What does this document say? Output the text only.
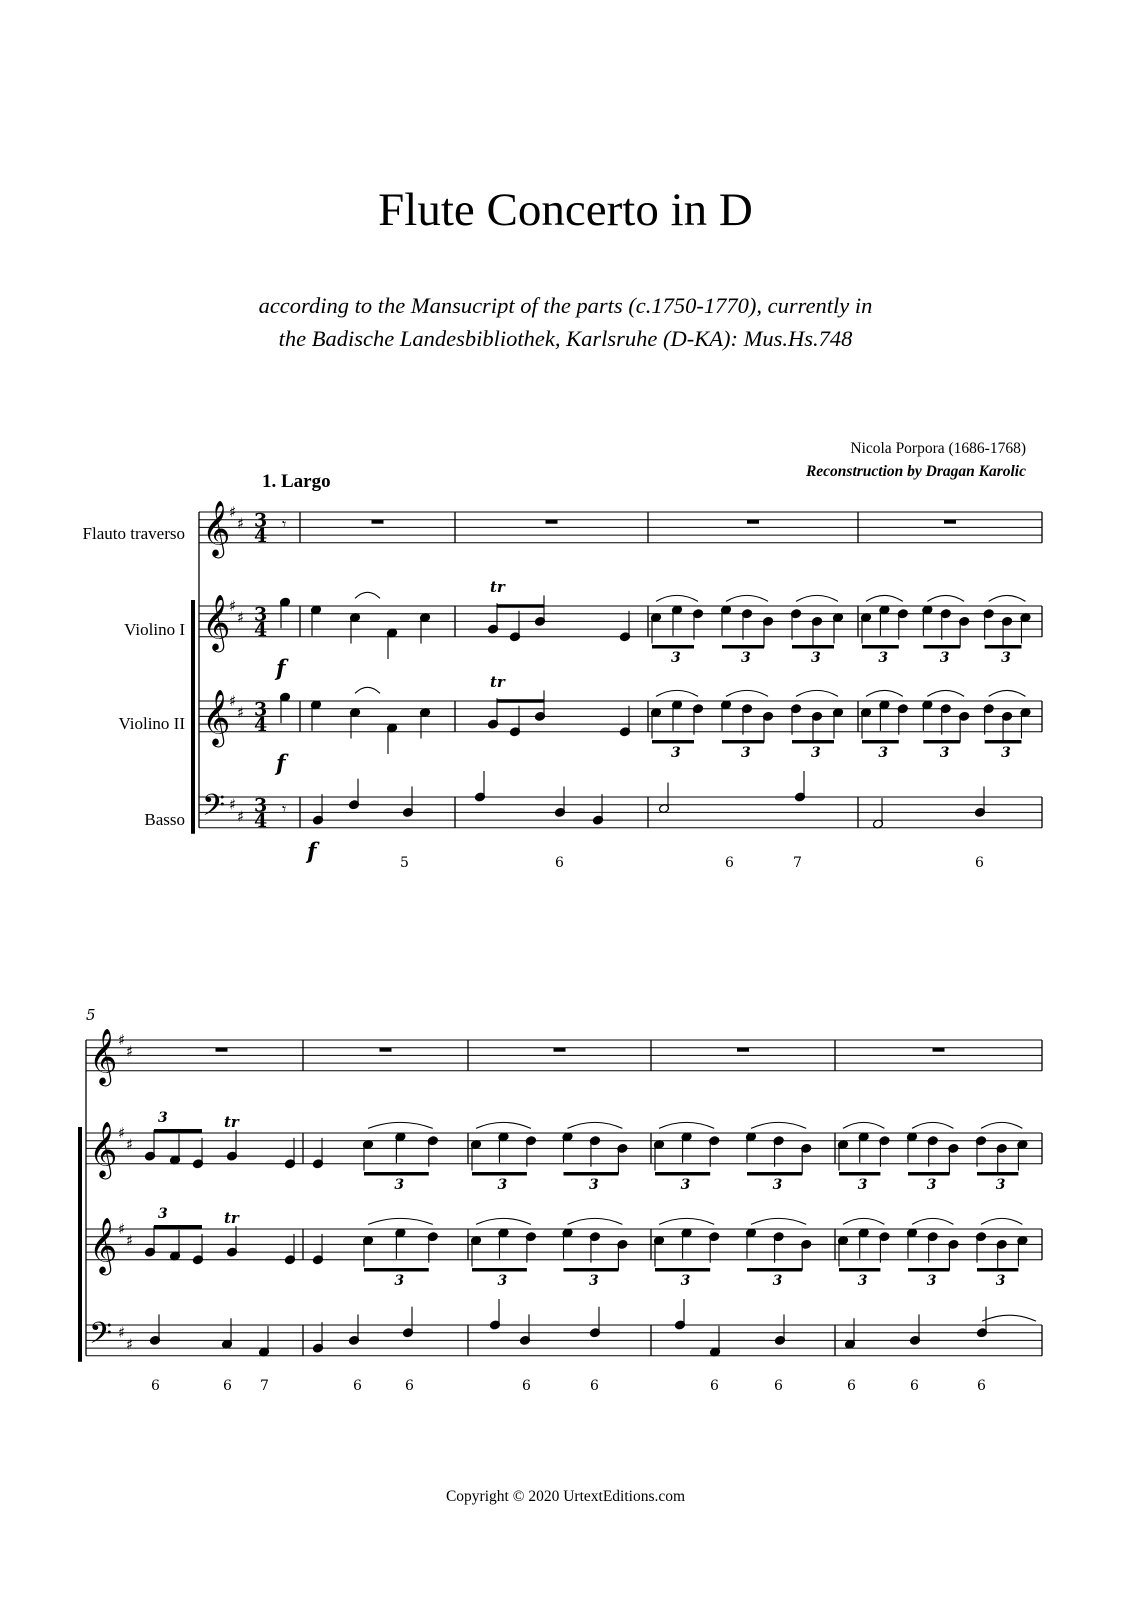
Flute Concerto in D
according to the Mansucript of the parts (c.1750-1770), currently in
the Badische Landesbibliothek, Karlsruhe (D-KA): Mus.Hs.748
Nicola Porpora (1686-1768)
Reconstruction by Dragan Karolic
1. Largo
Flauto traverso
Violino I
Violino II
Basso
𝄞
♯
♯ 3
4
𝄞
♯
♯ 3
4
𝄞
♯
♯ 3
4
𝄢 ♯
♯ 3
4
𝄾
f
tr
3	3	3	3	3	3
f
tr
3	3	3	3	3	3
𝄾
f	5	6	6	7	6
5
𝄞 ♯
♯
𝄞 ♯
♯
𝄞 ♯
♯
𝄢 ♯
♯
3	tr
3	3	3	3	3	3	3	3
3	tr
3	3	3	3	3	3	3	3
6	6 7	6	6	6	6	6	6	6	6	6
Copyright © 2020 UrtextEditions.com
